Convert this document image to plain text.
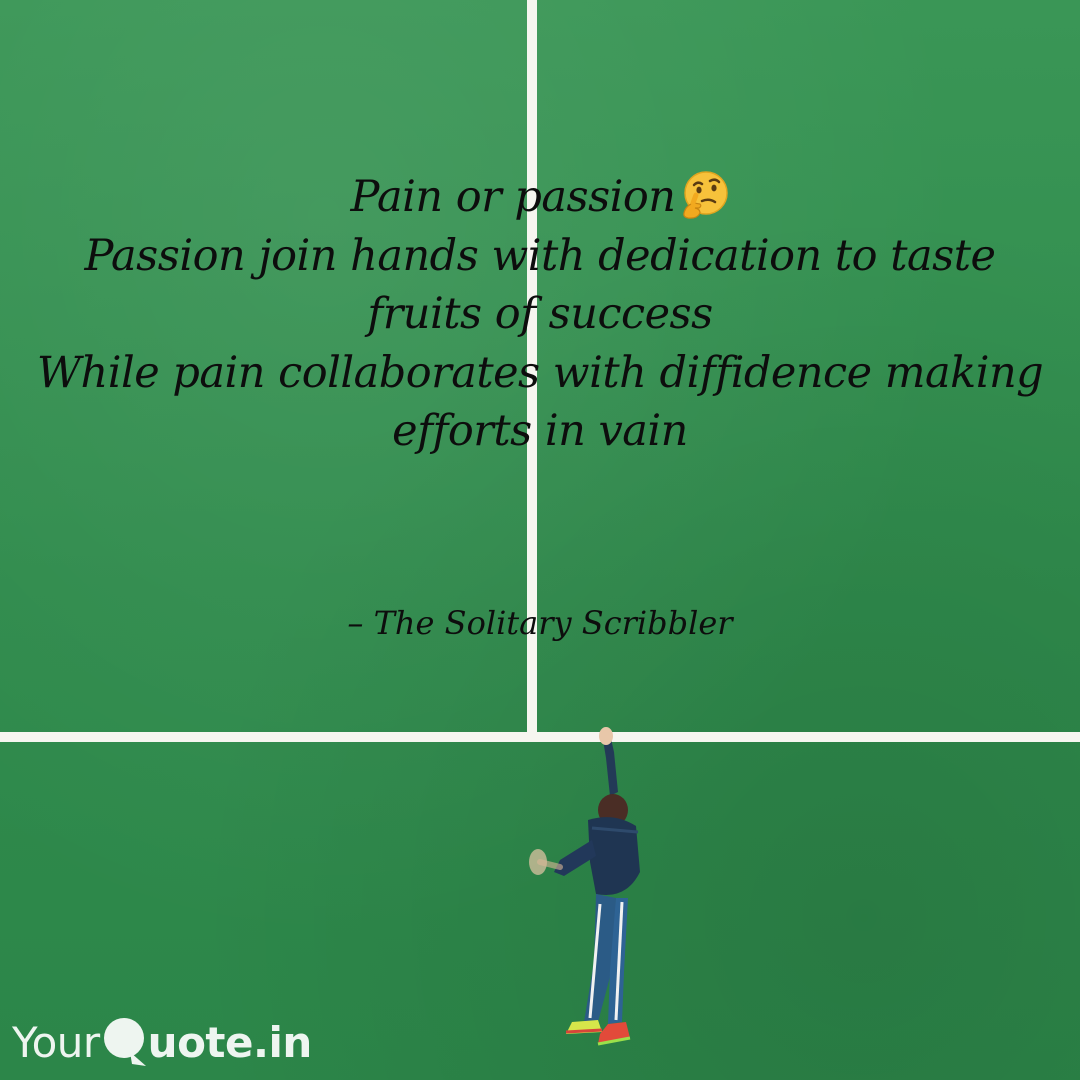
Pain or passion
Passion join hands with dedication to taste
fruits of success
While pain collaborates with diffidence making
efforts in vain
– The Solitary Scribbler
Your uote.in
